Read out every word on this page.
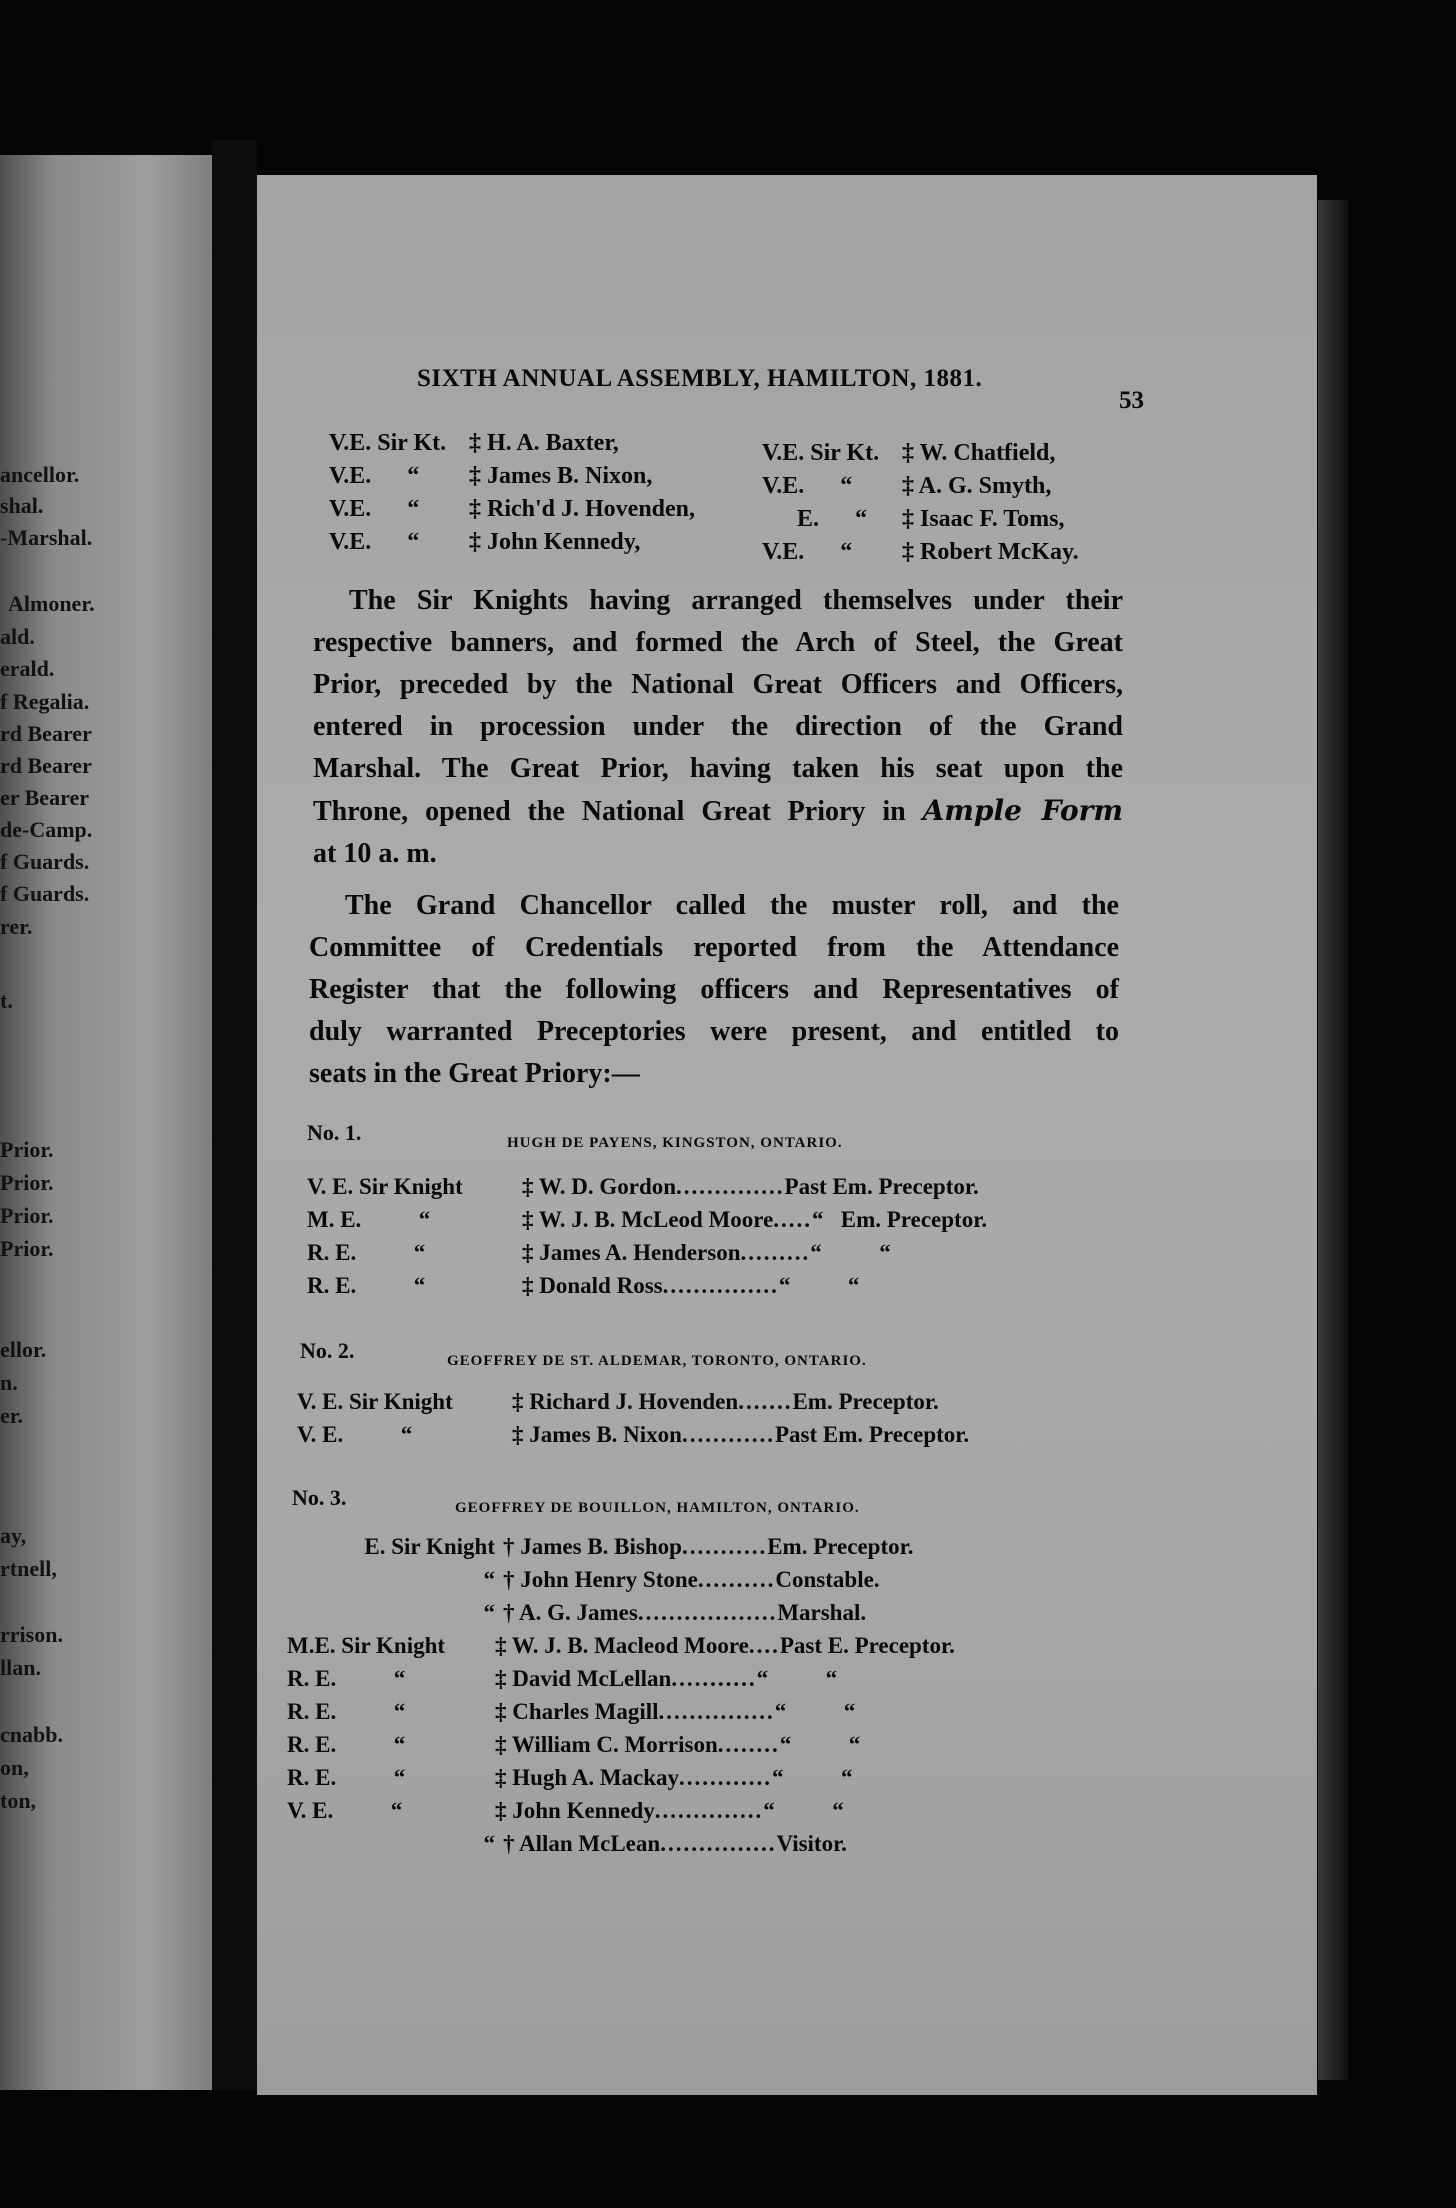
SIXTH ANNUAL ASSEMBLY, HAMILTON, 1881.
53
V.E. Sir Kt. ‡ H. A. Baxter,
V.E.      “ ‡ James B. Nixon,
V.E.      “ ‡ Rich'd J. Hovenden,
V.E.      “ ‡ John Kennedy,
V.E. Sir Kt. ‡ W. Chatfield,
V.E.      “ ‡ A. G. Smyth,
E.      “ ‡ Isaac F. Toms,
V.E.      “ ‡ Robert McKay.
The Sir Knights having arranged themselves under their
respective banners, and formed the Arch of Steel, the Great
Prior, preceded by the National Great Officers and Officers,
entered in procession under the direction of the Grand
Marshal. The Great Prior, having taken his seat upon the
Throne, opened the National Great Priory in Ample Form
at 10 a. m.
The Grand Chancellor called the muster roll, and the
Committee of Credentials reported from the Attendance
Register that the following officers and Representatives of
duly warranted Preceptories were present, and entitled to
seats in the Great Priory:—
No. 1.	HUGH DE PAYENS, KINGSTON, ONTARIO.
V. E. Sir Knight	‡ W. D. Gordon..............Past Em. Preceptor.
M. E.          “	‡ W. J. B. McLeod Moore.....“   Em. Preceptor.
R. E.          “	‡ James A. Henderson.........“          “
R. E.          “	‡ Donald Ross...............“          “
No. 2.	GEOFFREY DE ST. ALDEMAR, TORONTO, ONTARIO.
V. E. Sir Knight	‡ Richard J. Hovenden.......Em. Preceptor.
V. E.          “	‡ James B. Nixon............Past Em. Preceptor.
No. 3.	GEOFFREY DE BOUILLON, HAMILTON, ONTARIO.
E. Sir Knight † James B. Bishop...........Em. Preceptor.
“ † John Henry Stone..........Constable.
“ † A. G. James..................Marshal.
M.E. Sir Knight ‡ W. J. B. Macleod Moore....Past E. Preceptor.
R. E.          “	‡ David McLellan...........“          “
R. E.          “	‡ Charles Magill...............“          “
R. E.          “	‡ William C. Morrison........“          “
R. E.          “	‡ Hugh A. Mackay............“          “
V. E.          “	‡ John Kennedy..............“          “
“ † Allan McLean...............Visitor.
ancellor.
shal.
-Marshal.
Almoner.
ald.
erald.
f Regalia.
rd Bearer
rd Bearer
er Bearer
de-Camp.
f Guards.
f Guards.
rer.
t.
Prior.
Prior.
Prior.
Prior.
ellor.
n.
er.
ay,
rtnell,
rrison.
llan.
cnabb.
on,
ton,
